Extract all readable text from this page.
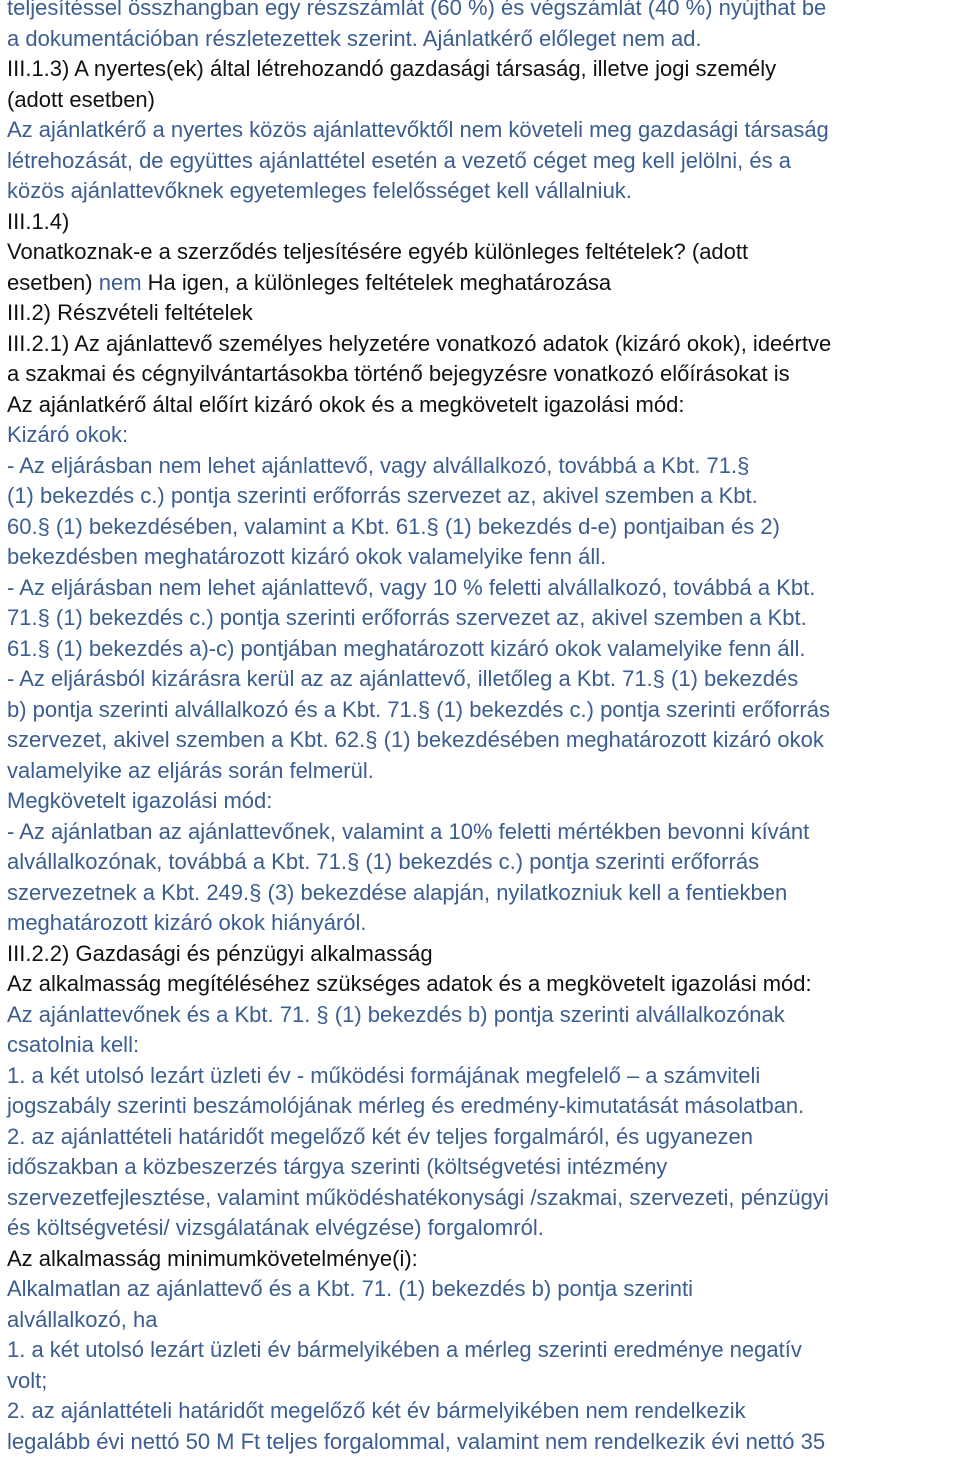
teljesítéssel összhangban egy részszámlát (60 %) és végszámlát (40 %) nyújthat be
a dokumentációban részletezettek szerint. Ajánlatkérő előleget nem ad.
III.1.3) A nyertes(ek) által létrehozandó gazdasági társaság, illetve jogi személy
(adott esetben)
Az ajánlatkérő a nyertes közös ajánlattevőktől nem követeli meg gazdasági társaság
létrehozását, de együttes ajánlattétel esetén a vezető céget meg kell jelölni, és a
közös ajánlattevőknek egyetemleges felelősséget kell vállalniuk.
III.1.4)
Vonatkoznak-e a szerződés teljesítésére egyéb különleges feltételek? (adott
esetben) nem Ha igen, a különleges feltételek meghatározása
III.2) Részvételi feltételek
III.2.1) Az ajánlattevő személyes helyzetére vonatkozó adatok (kizáró okok), ideértve
a szakmai és cégnyilvántartásokba történő bejegyzésre vonatkozó előírásokat is
Az ajánlatkérő által előírt kizáró okok és a megkövetelt igazolási mód:
Kizáró okok:
- Az eljárásban nem lehet ajánlattevő, vagy alvállalkozó, továbbá a Kbt. 71.§
(1) bekezdés c.) pontja szerinti erőforrás szervezet az, akivel szemben a Kbt.
60.§ (1) bekezdésében, valamint a Kbt. 61.§ (1) bekezdés d-e) pontjaiban és 2)
bekezdésben meghatározott kizáró okok valamelyike fenn áll.
- Az eljárásban nem lehet ajánlattevő, vagy 10 % feletti alvállalkozó, továbbá a Kbt.
71.§ (1) bekezdés c.) pontja szerinti erőforrás szervezet az, akivel szemben a Kbt.
61.§ (1) bekezdés a)-c) pontjában meghatározott kizáró okok valamelyike fenn áll.
- Az eljárásból kizárásra kerül az az ajánlattevő, illetőleg a Kbt. 71.§ (1) bekezdés
b) pontja szerinti alvállalkozó és a Kbt. 71.§ (1) bekezdés c.) pontja szerinti erőforrás
szervezet, akivel szemben a Kbt. 62.§ (1) bekezdésében meghatározott kizáró okok
valamelyike az eljárás során felmerül.
Megkövetelt igazolási mód:
- Az ajánlatban az ajánlattevőnek, valamint a 10% feletti mértékben bevonni kívánt
alvállalkozónak, továbbá a Kbt. 71.§ (1) bekezdés c.) pontja szerinti erőforrás
szervezetnek a Kbt. 249.§ (3) bekezdése alapján, nyilatkozniuk kell a fentiekben
meghatározott kizáró okok hiányáról.
III.2.2) Gazdasági és pénzügyi alkalmasság
Az alkalmasság megítéléséhez szükséges adatok és a megkövetelt igazolási mód:
Az ajánlattevőnek és a Kbt. 71. § (1) bekezdés b) pontja szerinti alvállalkozónak
csatolnia kell:
1. a két utolsó lezárt üzleti év - működési formájának megfelelő – a számviteli
jogszabály szerinti beszámolójának mérleg és eredmény-kimutatását másolatban.
2. az ajánlattételi határidőt megelőző két év teljes forgalmáról, és ugyanezen
időszakban a közbeszerzés tárgya szerinti (költségvetési intézmény
szervezetfejlesztése, valamint működéshatékonysági /szakmai, szervezeti, pénzügyi
és költségvetési/ vizsgálatának elvégzése) forgalomról.
Az alkalmasság minimumkövetelménye(i):
Alkalmatlan az ajánlattevő és a Kbt. 71. (1) bekezdés b) pontja szerinti
alvállalkozó, ha
1. a két utolsó lezárt üzleti év bármelyikében a mérleg szerinti eredménye negatív
volt;
2. az ajánlattételi határidőt megelőző két év bármelyikében nem rendelkezik
legalább évi nettó 50 M Ft teljes forgalommal, valamint nem rendelkezik évi nettó 35
